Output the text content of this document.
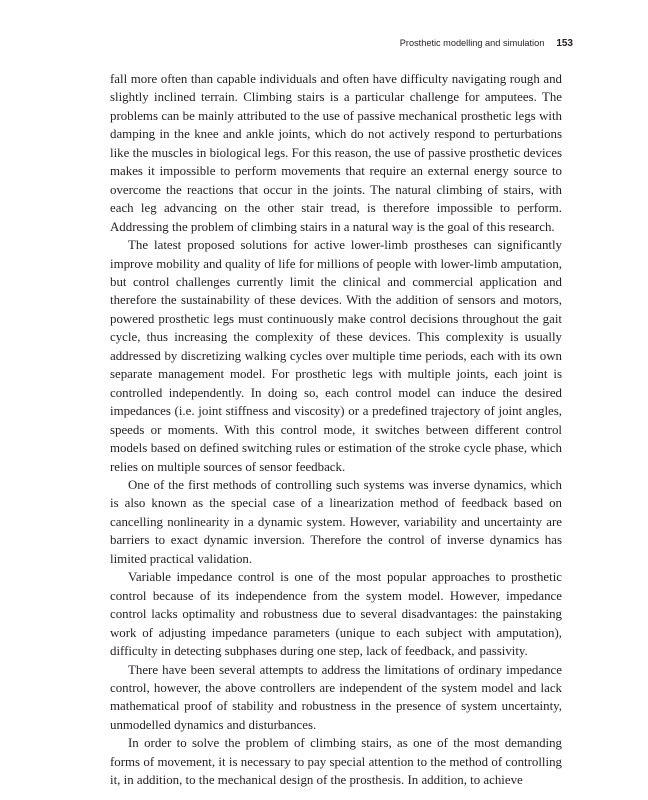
Prosthetic modelling and simulation 153

fall more often than capable individuals and often have difficulty navigating rough and slightly inclined terrain. Climbing stairs is a particular challenge for amputees. The problems can be mainly attributed to the use of passive mechanical prosthetic legs with damping in the knee and ankle joints, which do not actively respond to perturbations like the muscles in biological legs. For this reason, the use of passive prosthetic devices makes it impossible to perform movements that require an external energy source to overcome the reactions that occur in the joints. The natural climbing of stairs, with each leg advancing on the other stair tread, is therefore impossible to perform. Addressing the problem of climbing stairs in a natural way is the goal of this research.

The latest proposed solutions for active lower-limb prostheses can significantly improve mobility and quality of life for millions of people with lower-limb amputation, but control challenges currently limit the clinical and commercial application and therefore the sustainability of these devices. With the addition of sensors and motors, powered prosthetic legs must continuously make control decisions throughout the gait cycle, thus increasing the complexity of these devices. This complexity is usually addressed by discretizing walking cycles over multiple time periods, each with its own separate management model. For prosthetic legs with multiple joints, each joint is controlled independently. In doing so, each control model can induce the desired impedances (i.e. joint stiffness and viscosity) or a predefined trajectory of joint angles, speeds or moments. With this control mode, it switches between different control models based on defined switching rules or estimation of the stroke cycle phase, which relies on multiple sources of sensor feedback.

One of the first methods of controlling such systems was inverse dynamics, which is also known as the special case of a linearization method of feedback based on cancelling nonlinearity in a dynamic system. However, variability and uncertainty are barriers to exact dynamic inversion. Therefore the control of inverse dynamics has limited practical validation.

Variable impedance control is one of the most popular approaches to prosthetic control because of its independence from the system model. However, impedance control lacks optimality and robustness due to several disadvantages: the painstaking work of adjusting impedance parameters (unique to each subject with amputation), difficulty in detecting subphases during one step, lack of feedback, and passivity.

There have been several attempts to address the limitations of ordinary impedance control, however, the above controllers are independent of the system model and lack mathematical proof of stability and robustness in the presence of system uncertainty, unmodelled dynamics and disturbances.

In order to solve the problem of climbing stairs, as one of the most demanding forms of movement, it is necessary to pay special attention to the method of controlling it, in addition, to the mechanical design of the prosthesis. In addition, to achieve
